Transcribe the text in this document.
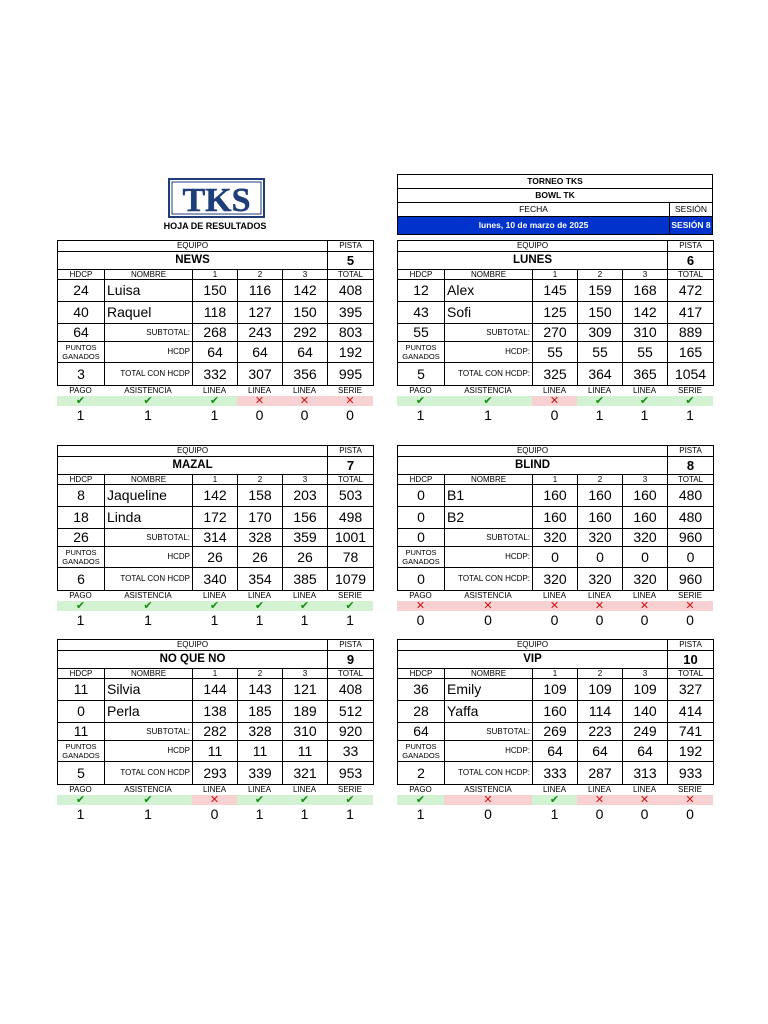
TKS
HOJA DE RESULTADOS
TORNEO TKS	
BOWL TK	
FECHA	SESIÓN
lunes, 10 de marzo de 2025	SESIÓN 8
EQUIPO					PISTA
NEWS					5
HDCP	NOMBRE	1	2	3	TOTAL
24	Luisa	150	116	142	408
40	Raquel	118	127	150	395
64	SUBTOTAL:	268	243	292	803
PUNTOS GANADOS	HCDP	64	64	64	192
3	TOTAL CON HCDP	332	307	356	995
PAGO	ASISTENCIA	LINEA	LINEA	LINEA	SERIE
✔	✔	✔	✕	✕	✕
1	1	1	0	0	0
EQUIPO					PISTA
LUNES					6
HDCP	NOMBRE	1	2	3	TOTAL
12	Alex	145	159	168	472
43	Sofi	125	150	142	417
55	SUBTOTAL:	270	309	310	889
PUNTOS GANADOS	HCDP:	55	55	55	165
5	TOTAL CON HCDP:	325	364	365	1054
PAGO	ASISTENCIA	LINEA	LINEA	LINEA	SERIE
✔	✔	✕	✔	✔	✔
1	1	0	1	1	1
EQUIPO					PISTA
MAZAL					7
HDCP	NOMBRE	1	2	3	TOTAL
8	Jaqueline	142	158	203	503
18	Linda	172	170	156	498
26	SUBTOTAL:	314	328	359	1001
PUNTOS GANADOS	HCDP	26	26	26	78
6	TOTAL CON HCDP	340	354	385	1079
PAGO	ASISTENCIA	LINEA	LINEA	LINEA	SERIE
✔	✔	✔	✔	✔	✔
1	1	1	1	1	1
EQUIPO					PISTA
BLIND					8
HDCP	NOMBRE	1	2	3	TOTAL
0	B1	160	160	160	480
0	B2	160	160	160	480
0	SUBTOTAL:	320	320	320	960
PUNTOS GANADOS	HCDP:	0	0	0	0
0	TOTAL CON HCDP:	320	320	320	960
PAGO	ASISTENCIA	LINEA	LINEA	LINEA	SERIE
✕	✕	✕	✕	✕	✕
0	0	0	0	0	0
EQUIPO					PISTA
NO QUE NO					9
HDCP	NOMBRE	1	2	3	TOTAL
11	Silvia	144	143	121	408
0	Perla	138	185	189	512
11	SUBTOTAL:	282	328	310	920
PUNTOS GANADOS	HCDP	11	11	11	33
5	TOTAL CON HCDP	293	339	321	953
PAGO	ASISTENCIA	LINEA	LINEA	LINEA	SERIE
✔	✔	✕	✔	✔	✔
1	1	0	1	1	1
EQUIPO					PISTA
VIP					10
HDCP	NOMBRE	1	2	3	TOTAL
36	Emily	109	109	109	327
28	Yaffa	160	114	140	414
64	SUBTOTAL:	269	223	249	741
PUNTOS GANADOS	HCDP:	64	64	64	192
2	TOTAL CON HCDP:	333	287	313	933
PAGO	ASISTENCIA	LINEA	LINEA	LINEA	SERIE
✔	✕	✔	✕	✕	✕
1	0	1	0	0	0
